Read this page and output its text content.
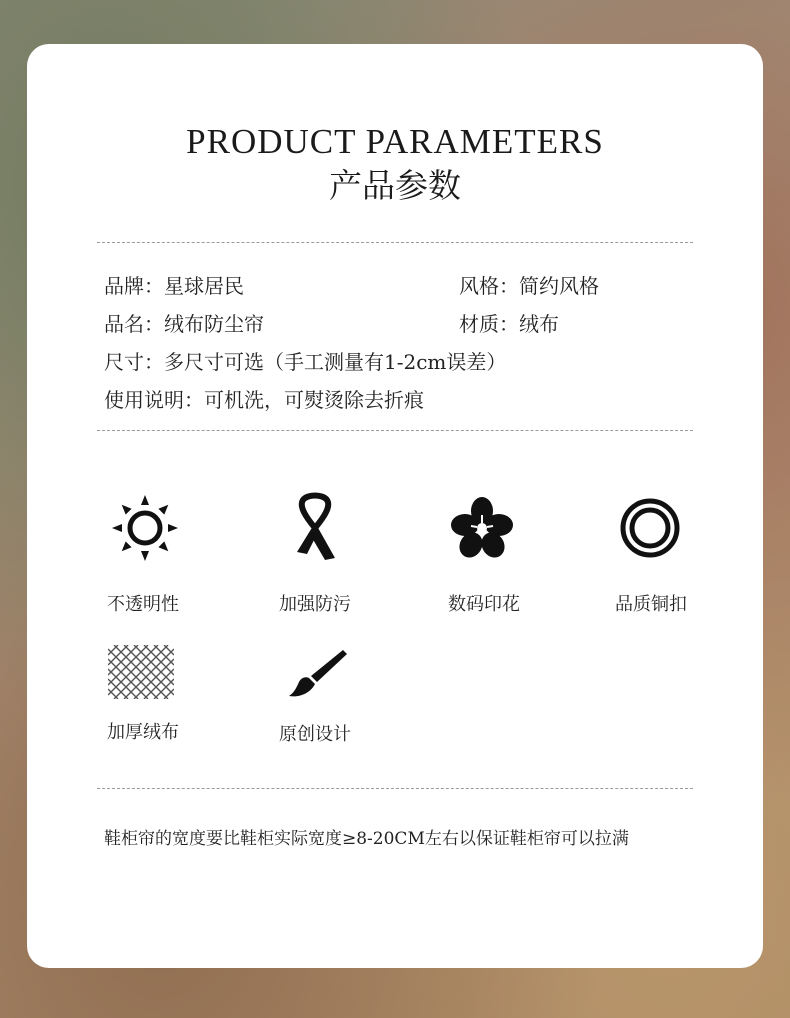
PRODUCT PARAMETERS
产品参数
品牌：星球居民	风格：简约风格
品名：绒布防尘帘	材质：绒布
尺寸：多尺寸可选（手工测量有1-2cm误差）
使用说明：可机洗，可熨烫除去折痕
不透明性	加强防污	数码印花	品质铜扣
加厚绒布	原创设计
鞋柜帘的宽度要比鞋柜实际宽度≥8-20CM左右以保证鞋柜帘可以拉满
